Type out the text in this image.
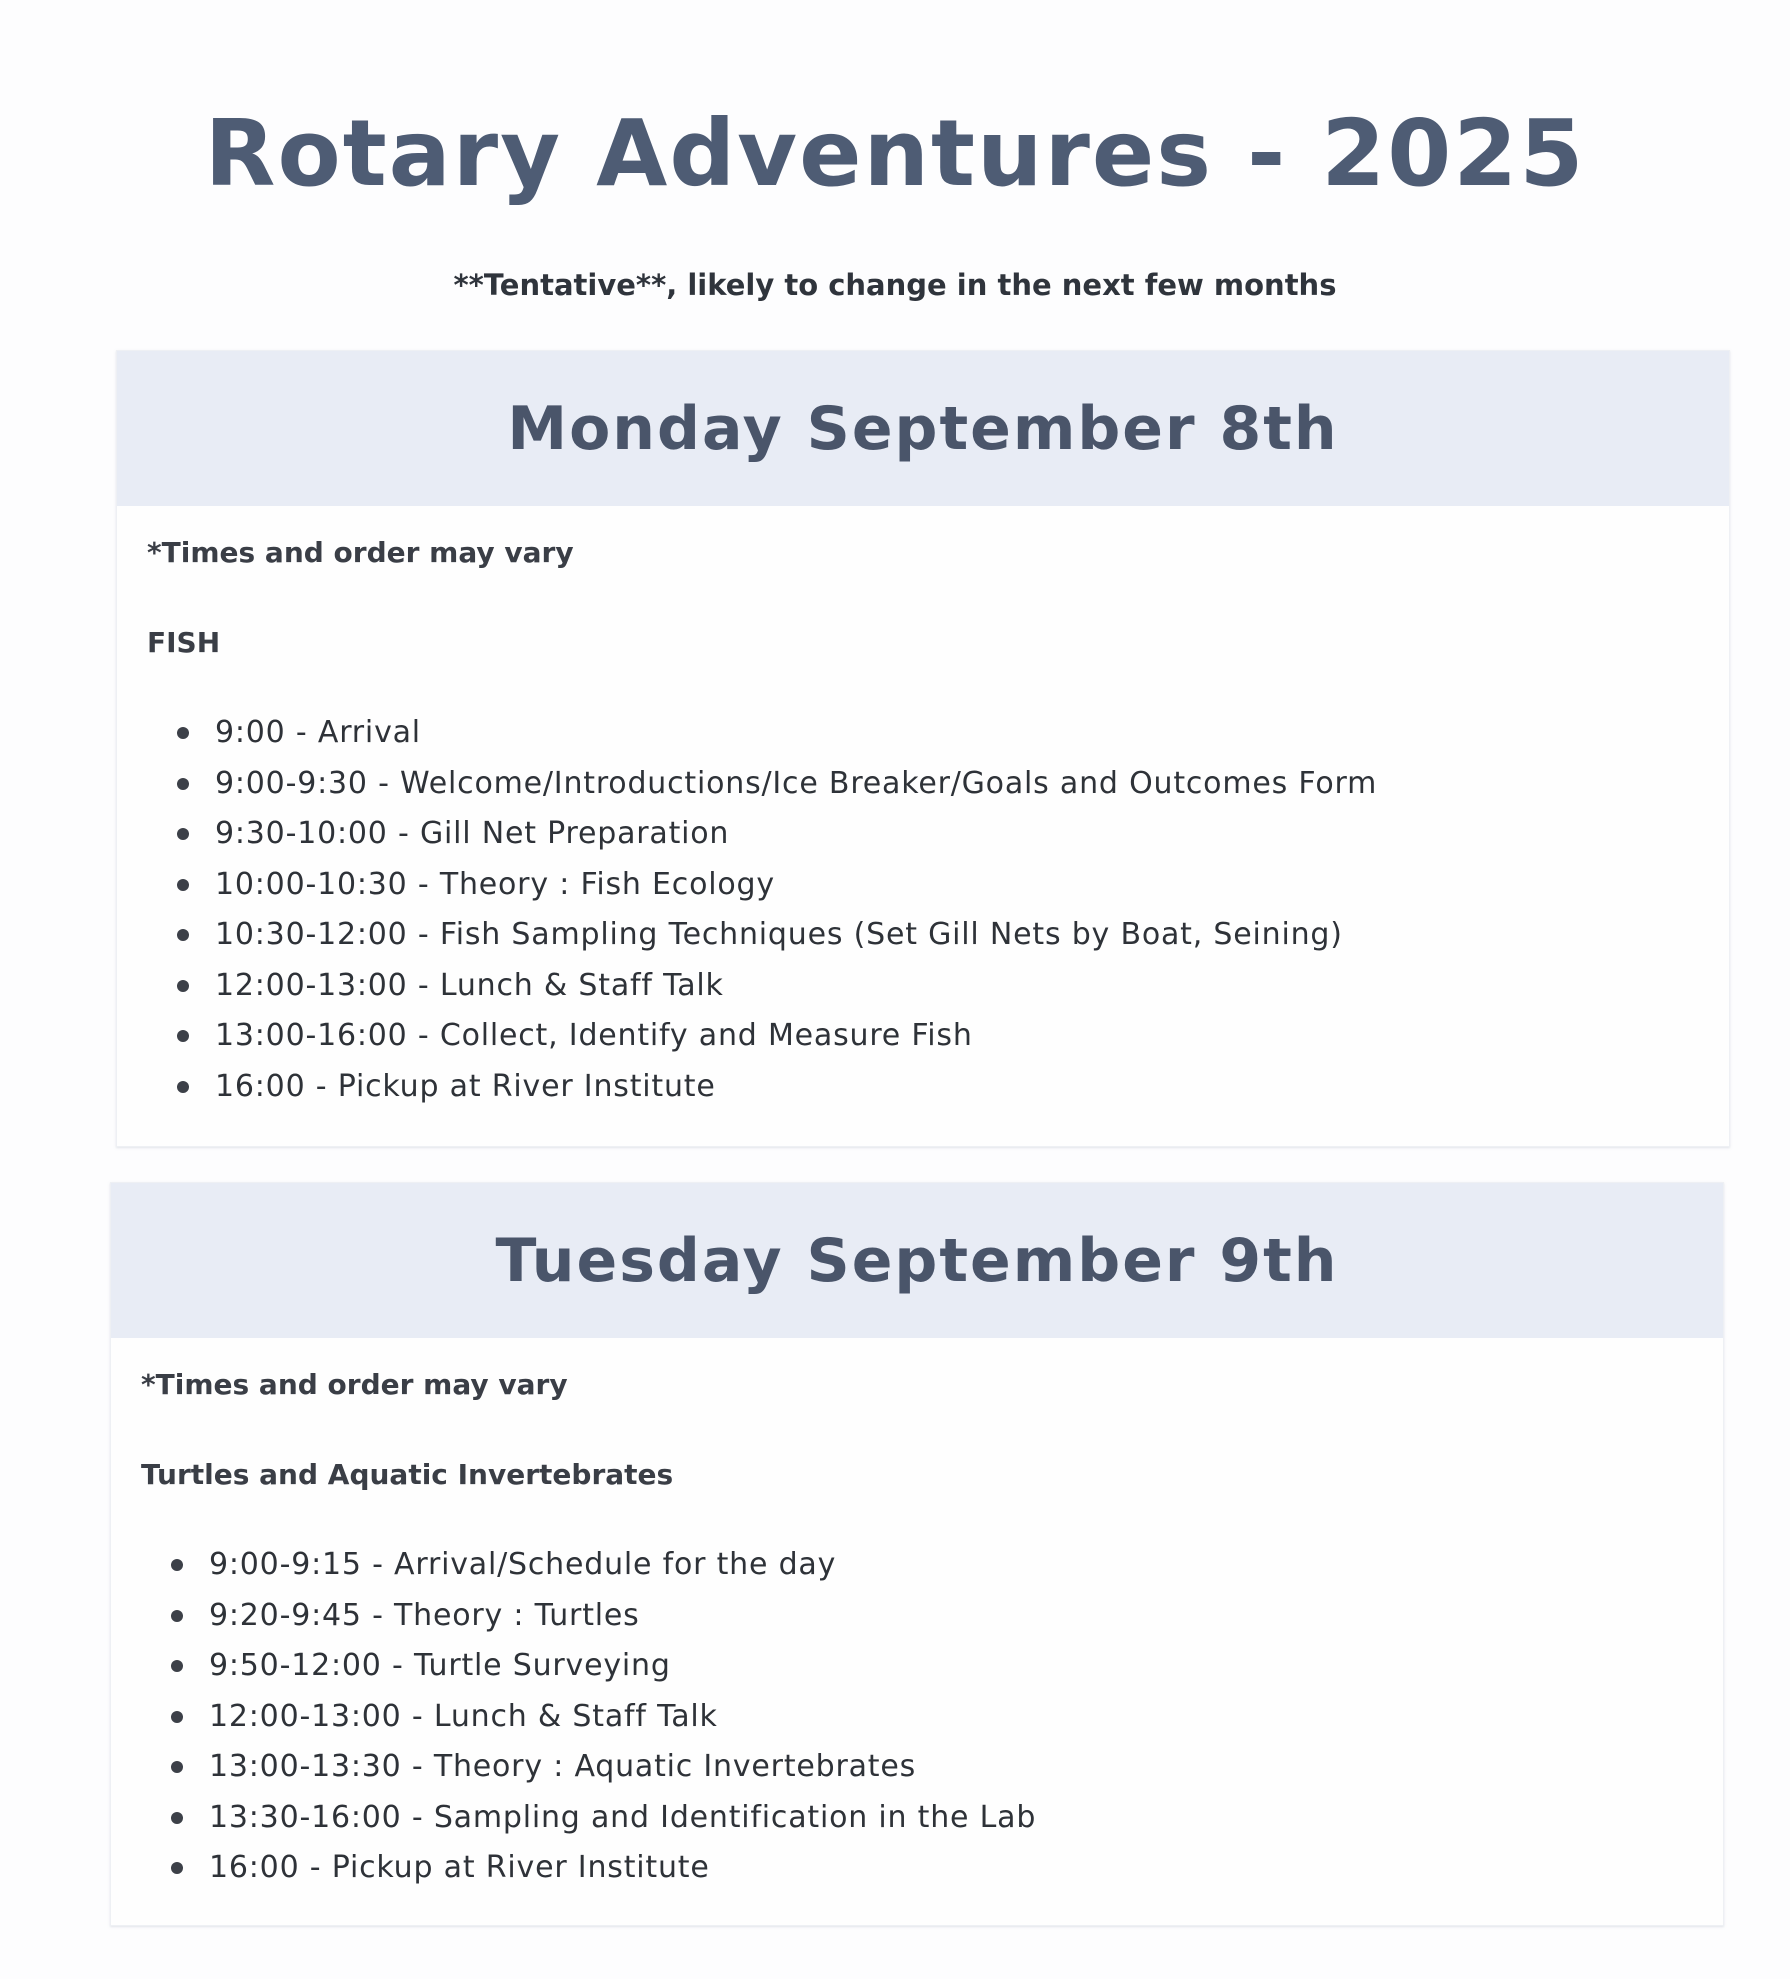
Rotary Adventures - 2025

**Tentative**, likely to change in the next few months

Monday September 8th

*Times and order may vary

FISH

9:00 - Arrival
9:00-9:30 - Welcome/Introductions/Ice Breaker/Goals and Outcomes Form
9:30-10:00 - Gill Net Preparation
10:00-10:30 - Theory : Fish Ecology
10:30-12:00 - Fish Sampling Techniques (Set Gill Nets by Boat, Seining)
12:00-13:00 - Lunch & Staff Talk
13:00-16:00 - Collect, Identify and Measure Fish
16:00 - Pickup at River Institute
Tuesday September 9th

*Times and order may vary

Turtles and Aquatic Invertebrates

9:00-9:15 - Arrival/Schedule for the day
9:20-9:45 - Theory : Turtles
9:50-12:00 - Turtle Surveying
12:00-13:00 - Lunch & Staff Talk
13:00-13:30 - Theory : Aquatic Invertebrates
13:30-16:00 - Sampling and Identification in the Lab
16:00 - Pickup at River Institute
